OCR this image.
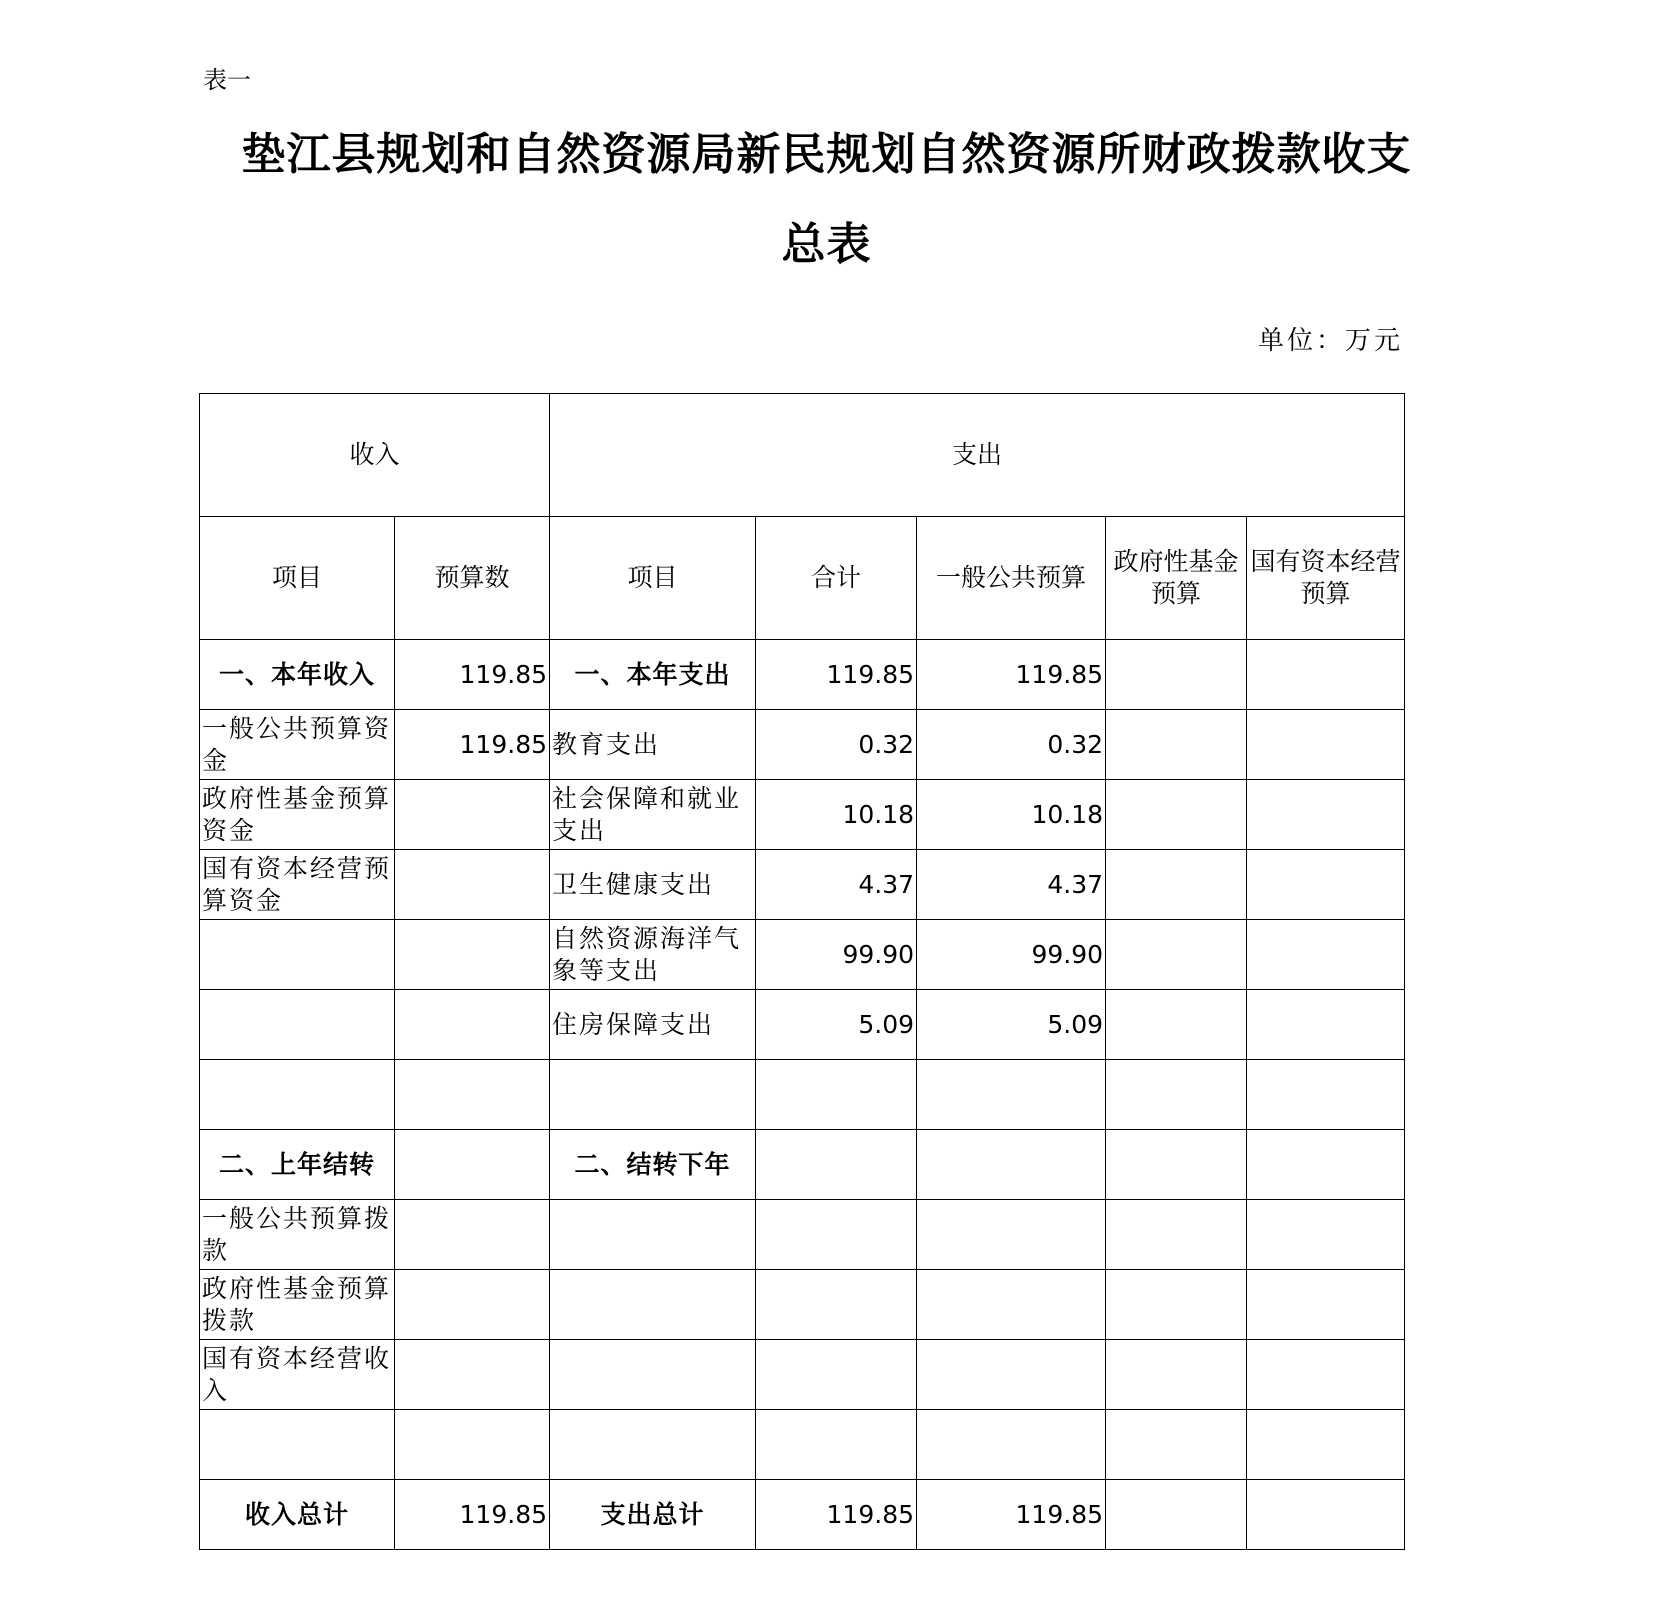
表一
垫江县规划和自然资源局新民规划自然资源所财政拨款收支
总表
单位：万元
收入		支出				
项目	预算数	项目	合计	一般公共预算	政府性基金预算	国有资本经营预算
一、本年收入	119.85	一、本年支出	119.85	119.85		
一般公共预算资金	119.85	教育支出	0.32	0.32		
政府性基金预算资金		社会保障和就业支出	10.18	10.18		
国有资本经营预算资金		卫生健康支出	4.37	4.37		
		自然资源海洋气象等支出	99.90	99.90		
		住房保障支出	5.09	5.09		

二、上年结转		二、结转下年				
一般公共预算拨款						
政府性基金预算拨款						
国有资本经营收入						

收入总计	119.85	支出总计	119.85	119.85		
